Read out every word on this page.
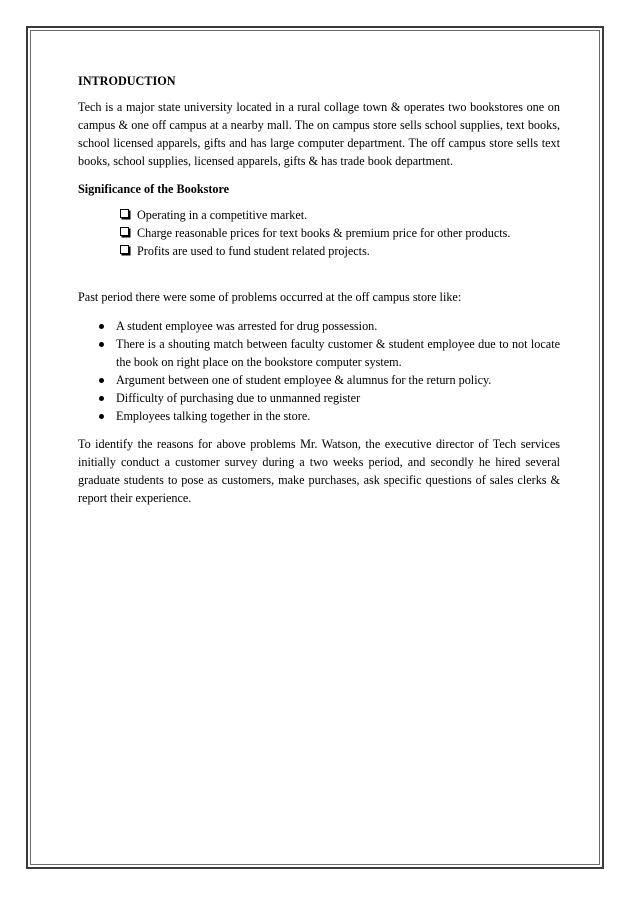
INTRODUCTION

Tech is a major state university located in a rural collage town & operates two bookstores one on campus & one off campus at a nearby mall. The on campus store sells school supplies, text books, school licensed apparels, gifts and has large computer department. The off campus store sells text books, school supplies, licensed apparels, gifts & has trade book department.

Significance of the Bookstore

Operating in a competitive market.
Charge reasonable prices for text books & premium price for other products.
Profits are used to fund student related projects.

Past period there were some of problems occurred at the off campus store like:

A student employee was arrested for drug possession.
There is a shouting match between faculty customer & student employee due to not locate the book on right place on the bookstore computer system.
Argument between one of student employee & alumnus for the return policy.
Difficulty of purchasing due to unmanned register
Employees talking together in the store.

To identify the reasons for above problems Mr. Watson, the executive director of Tech services initially conduct a customer survey during a two weeks period, and secondly he hired several graduate students to pose as customers, make purchases, ask specific questions of sales clerks & report their experience.
